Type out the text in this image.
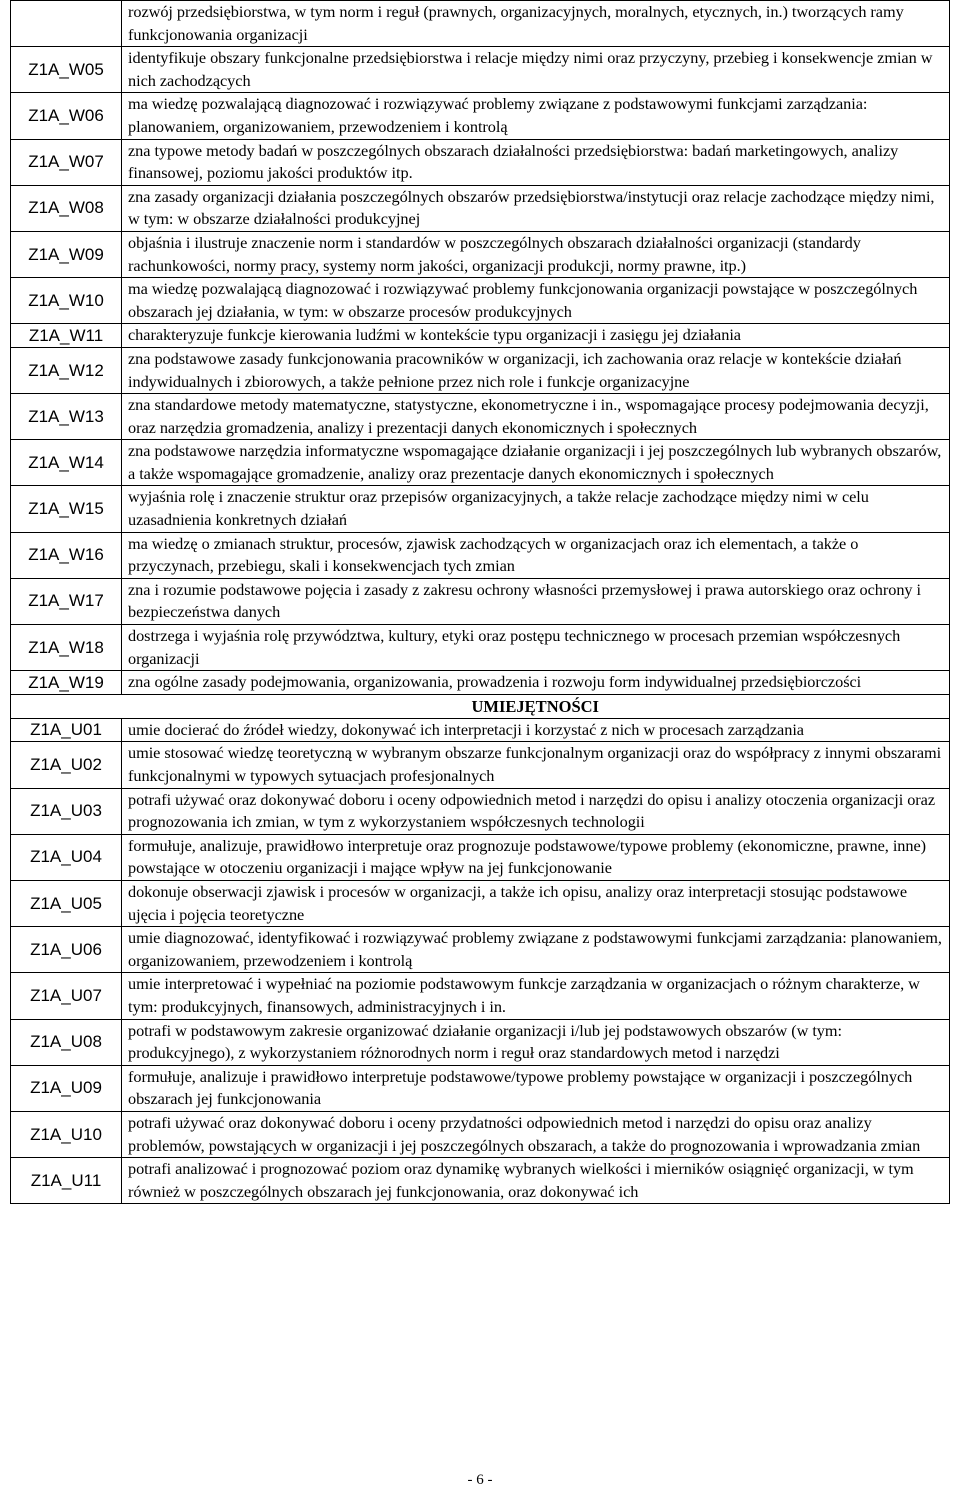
	rozwój przedsiębiorstwa, w tym norm i reguł (prawnych, organizacyjnych, moralnych, etycznych, in.) tworzących ramy funkcjonowania organizacji
Z1A_W05	identyfikuje obszary funkcjonalne przedsiębiorstwa i relacje między nimi oraz przyczyny, przebieg i konsekwencje zmian w nich zachodzących
Z1A_W06	ma wiedzę pozwalającą diagnozować i rozwiązywać problemy związane z podstawowymi funkcjami zarządzania: planowaniem, organizowaniem, przewodzeniem i kontrolą
Z1A_W07	zna typowe metody badań w poszczególnych obszarach działalności przedsiębiorstwa: badań marketingowych, analizy finansowej, poziomu jakości produktów itp.
Z1A_W08	zna zasady organizacji działania poszczególnych obszarów przedsiębiorstwa/instytucji oraz relacje zachodzące między nimi, w tym: w obszarze działalności produkcyjnej
Z1A_W09	objaśnia i ilustruje znaczenie norm i standardów w poszczególnych obszarach działalności organizacji (standardy rachunkowości, normy pracy, systemy norm jakości, organizacji produkcji, normy prawne, itp.)
Z1A_W10	ma wiedzę pozwalającą diagnozować i rozwiązywać problemy funkcjonowania organizacji powstające w poszczególnych obszarach jej działania, w tym: w obszarze procesów produkcyjnych
Z1A_W11	charakteryzuje funkcje kierowania ludźmi w kontekście typu organizacji i zasięgu jej działania
Z1A_W12	zna podstawowe zasady funkcjonowania pracowników w organizacji, ich zachowania oraz relacje w kontekście działań indywidualnych i zbiorowych, a także pełnione przez nich role i funkcje organizacyjne
Z1A_W13	zna standardowe metody matematyczne, statystyczne, ekonometryczne i in., wspomagające procesy podejmowania decyzji, oraz narzędzia gromadzenia, analizy i prezentacji danych ekonomicznych i społecznych
Z1A_W14	zna podstawowe narzędzia informatyczne wspomagające działanie organizacji i jej poszczególnych lub wybranych obszarów, a także wspomagające gromadzenie, analizy oraz prezentacje danych ekonomicznych i społecznych
Z1A_W15	wyjaśnia rolę i znaczenie struktur oraz przepisów organizacyjnych, a także relacje zachodzące między nimi w celu uzasadnienia konkretnych działań
Z1A_W16	ma wiedzę o zmianach struktur, procesów, zjawisk zachodzących w organizacjach oraz ich elementach, a także o przyczynach, przebiegu, skali i konsekwencjach tych zmian
Z1A_W17	zna i rozumie podstawowe pojęcia i zasady z zakresu ochrony własności przemysłowej i prawa autorskiego oraz ochrony i bezpieczeństwa danych
Z1A_W18	dostrzega i wyjaśnia rolę przywództwa, kultury, etyki oraz postępu technicznego w procesach przemian współczesnych organizacji
Z1A_W19	zna ogólne zasady podejmowania, organizowania, prowadzenia i rozwoju form indywidualnej przedsiębiorczości
	UMIEJĘTNOŚCI
Z1A_U01	umie docierać do źródeł wiedzy, dokonywać ich interpretacji i korzystać z nich w procesach zarządzania
Z1A_U02	umie stosować wiedzę teoretyczną w wybranym obszarze funkcjonalnym organizacji oraz do współpracy z innymi obszarami funkcjonalnymi w typowych sytuacjach profesjonalnych
Z1A_U03	potrafi używać oraz dokonywać doboru i oceny odpowiednich metod i narzędzi do opisu i analizy otoczenia organizacji oraz prognozowania ich zmian, w tym z wykorzystaniem współczesnych technologii
Z1A_U04	formułuje, analizuje, prawidłowo interpretuje oraz prognozuje podstawowe/typowe problemy (ekonomiczne, prawne, inne) powstające w otoczeniu organizacji i mające wpływ na jej funkcjonowanie
Z1A_U05	dokonuje obserwacji zjawisk i procesów w organizacji, a także ich opisu, analizy oraz interpretacji stosując podstawowe ujęcia i pojęcia teoretyczne
Z1A_U06	umie diagnozować, identyfikować i rozwiązywać problemy związane z podstawowymi funkcjami zarządzania: planowaniem, organizowaniem, przewodzeniem i kontrolą
Z1A_U07	umie interpretować i wypełniać na poziomie podstawowym funkcje zarządzania w organizacjach o różnym charakterze, w tym: produkcyjnych, finansowych, administracyjnych i in.
Z1A_U08	potrafi w podstawowym zakresie organizować działanie organizacji i/lub jej podstawowych obszarów (w tym: produkcyjnego), z wykorzystaniem różnorodnych norm i reguł oraz standardowych metod i narzędzi
Z1A_U09	formułuje, analizuje i prawidłowo interpretuje podstawowe/typowe problemy powstające w organizacji i poszczególnych obszarach jej funkcjonowania
Z1A_U10	potrafi używać oraz dokonywać doboru i oceny przydatności odpowiednich metod i narzędzi do opisu oraz analizy problemów, powstających w organizacji i jej poszczególnych obszarach, a także do prognozowania i wprowadzania zmian
Z1A_U11	potrafi analizować i prognozować poziom oraz dynamikę wybranych wielkości i mierników osiągnięć organizacji, w tym również w poszczególnych obszarach jej funkcjonowania, oraz dokonywać ich
- 6 -
